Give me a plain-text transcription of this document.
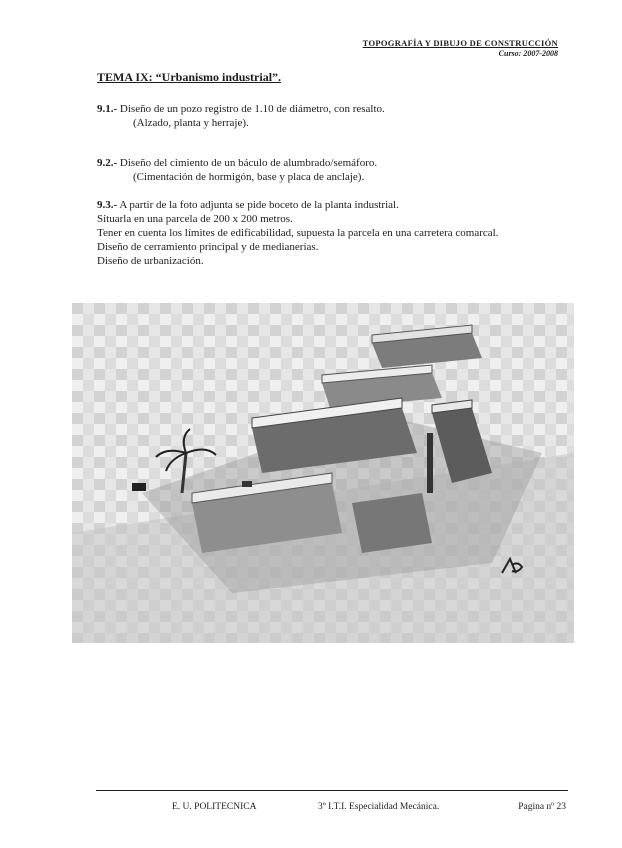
TOPOGRAFÍA Y DIBUJO DE CONSTRUCCIÓN
Curso: 2007-2008
TEMA IX: “Urbanismo industrial”.
9.1.- Diseño de un pozo registro de 1.10 de diámetro, con resalto.
(Alzado, planta y herraje).
9.2.- Diseño del cimiento de un báculo de alumbrado/semáforo.
(Cimentación de hormigón, base y placa de anclaje).
9.3.- A partir de la foto adjunta se pide boceto de la planta industrial.
Situarla en una parcela de 200 x 200 metros.
Tener en cuenta los límites de edificabilidad, supuesta la parcela en una carretera comarcal.
Diseño de cerramiento principal y de medianerías.
Diseño de urbanización.
E. U. POLITECNICA	3º I.T.I. Especialidad Mecánica.	Pagina nº 23
